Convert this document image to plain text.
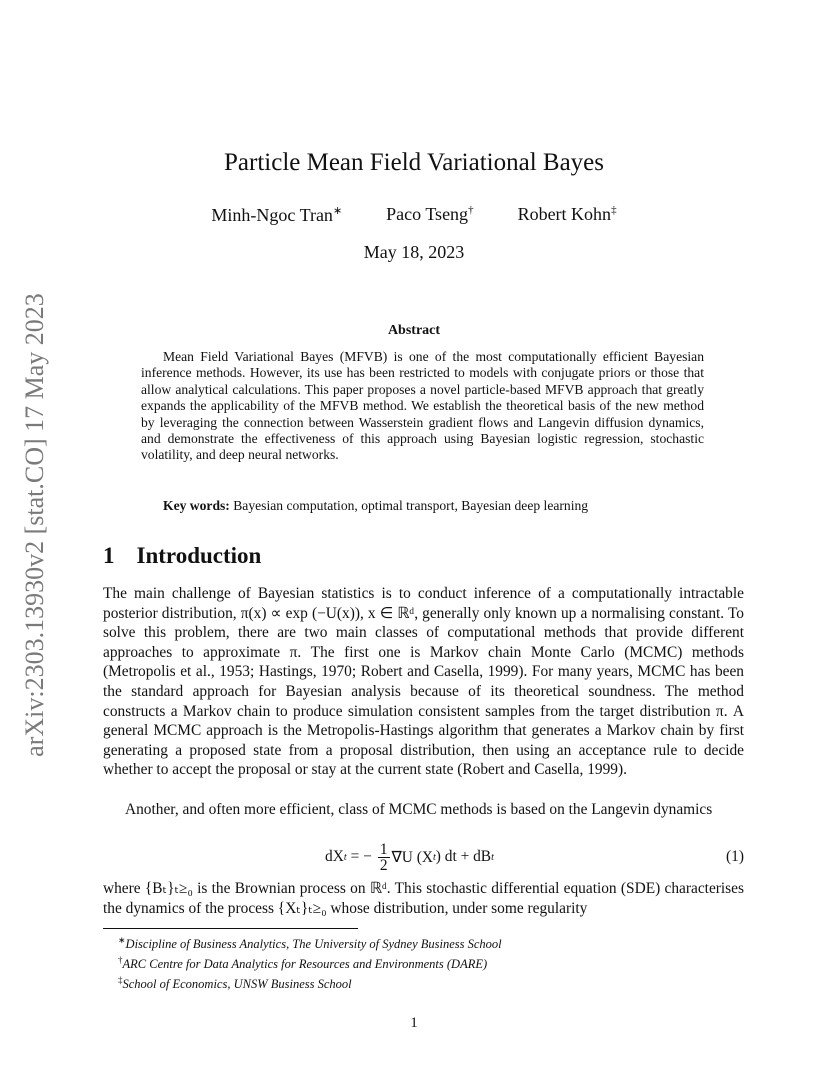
arXiv:2303.13930v2 [stat.CO] 17 May 2023
Particle Mean Field Variational Bayes
Minh-Ngoc Tran∗ Paco Tseng† Robert Kohn‡
May 18, 2023
Abstract
Mean Field Variational Bayes (MFVB) is one of the most computationally efficient Bayesian inference methods. However, its use has been restricted to models with conjugate priors or those that allow analytical calculations. This paper proposes a novel particle-based MFVB approach that greatly expands the applicability of the MFVB method. We establish the theoretical basis of the new method by leveraging the connection between Wasserstein gradient flows and Langevin diffusion dynamics, and demonstrate the effectiveness of this approach using Bayesian logistic regression, stochastic volatility, and deep neural networks.
Key words: Bayesian computation, optimal transport, Bayesian deep learning
1 Introduction
The main challenge of Bayesian statistics is to conduct inference of a computationally intractable posterior distribution, π(x) ∝ exp (−U(x)), x ∈ ℝᵈ, generally only known up a normalising constant. To solve this problem, there are two main classes of computational methods that provide different approaches to approximate π. The first one is Markov chain Monte Carlo (MCMC) methods (Metropolis et al., 1953; Hastings, 1970; Robert and Casella, 1999). For many years, MCMC has been the standard approach for Bayesian analysis because of its theoretical soundness. The method constructs a Markov chain to produce simulation consistent samples from the target distribution π. A general MCMC approach is the Metropolis-Hastings algorithm that generates a Markov chain by first generating a proposed state from a proposal distribution, then using an acceptance rule to decide whether to accept the proposal or stay at the current state (Robert and Casella, 1999).
Another, and often more efficient, class of MCMC methods is based on the Langevin dynamics
dX t = − $\frac{1}{2} \nabla U$ (X t ) dt + dB t	(1)
where {Bₜ}ₜ≥₀ is the Brownian process on ℝᵈ. This stochastic differential equation (SDE) characterises the dynamics of the process {Xₜ}ₜ≥₀ whose distribution, under some regularity
∗Discipline of Business Analytics, The University of Sydney Business School
†ARC Centre for Data Analytics for Resources and Environments (DARE)
‡School of Economics, UNSW Business School
1
